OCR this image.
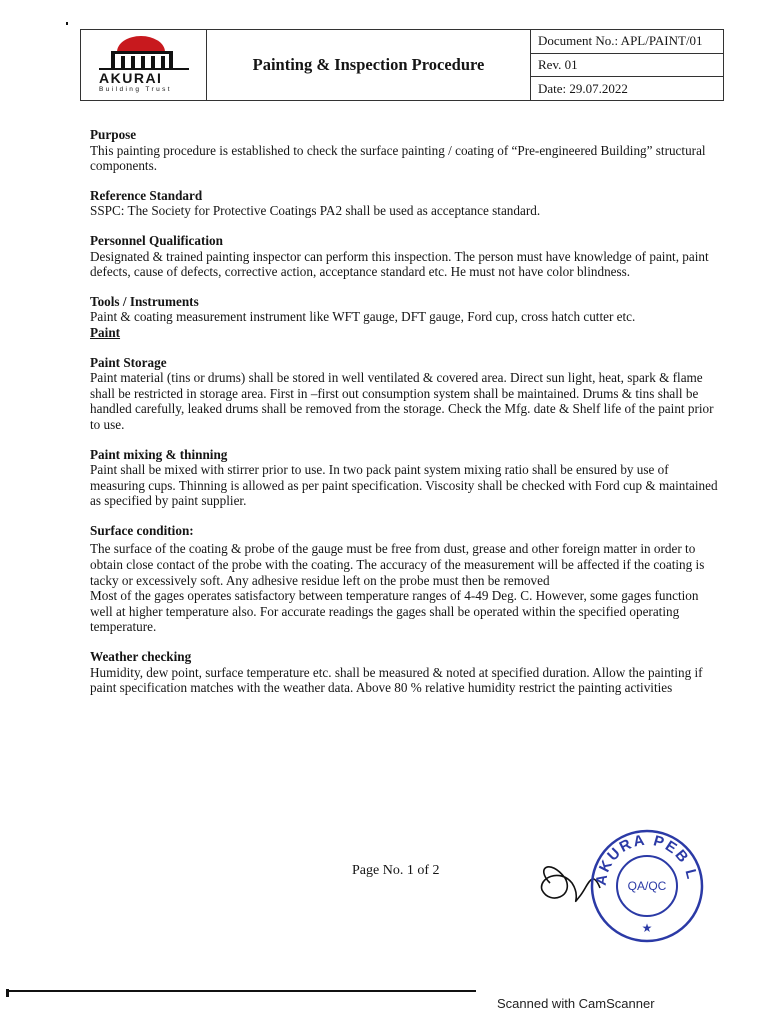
AKURAI
Building Trust
Painting & Inspection Procedure
Document No.: APL/PAINT/01
Rev. 01
Date: 29.07.2022
Purpose
This painting procedure is established to check the surface painting / coating of “Pre-engineered Building” structural components.
Reference Standard
SSPC: The Society for Protective Coatings PA2 shall be used as acceptance standard.
Personnel Qualification
Designated & trained painting inspector can perform this inspection. The person must have knowledge of paint, paint defects, cause of defects, corrective action, acceptance standard etc. He must not have color blindness.
Tools / Instruments
Paint & coating measurement instrument like WFT gauge, DFT gauge, Ford cup, cross hatch cutter etc.
Paint
Paint Storage
Paint material (tins or drums) shall be stored in well ventilated & covered area. Direct sun light, heat, spark & flame shall be restricted in storage area. First in –first out consumption system shall be maintained. Drums & tins shall be handled carefully, leaked drums shall be removed from the storage. Check the Mfg. date & Shelf life of the paint prior to use.
Paint mixing & thinning
Paint shall be mixed with stirrer prior to use. In two pack paint system mixing ratio shall be ensured by use of measuring cups. Thinning is allowed as per paint specification. Viscosity shall be checked with Ford cup & maintained as specified by paint supplier.
Surface condition:
The surface of the coating & probe of the gauge must be free from dust, grease and other foreign matter in order to obtain close contact of the probe with the coating. The accuracy of the measurement will be affected if the coating is tacky or excessively soft. Any adhesive residue left on the probe must then be removed
Most of the gages operates satisfactory between temperature ranges of 4-49 Deg. C. However, some gages function well at higher temperature also. For accurate readings the gages shall be operated within the specified operating temperature.
Weather checking
Humidity, dew point, surface temperature etc. shall be measured & noted at specified duration. Allow the painting if paint specification matches with the weather data. Above 80 % relative humidity restrict the painting activities
Page No. 1 of 2
AKURA PEB L
QA/QC
★
Scanned with CamScanner
